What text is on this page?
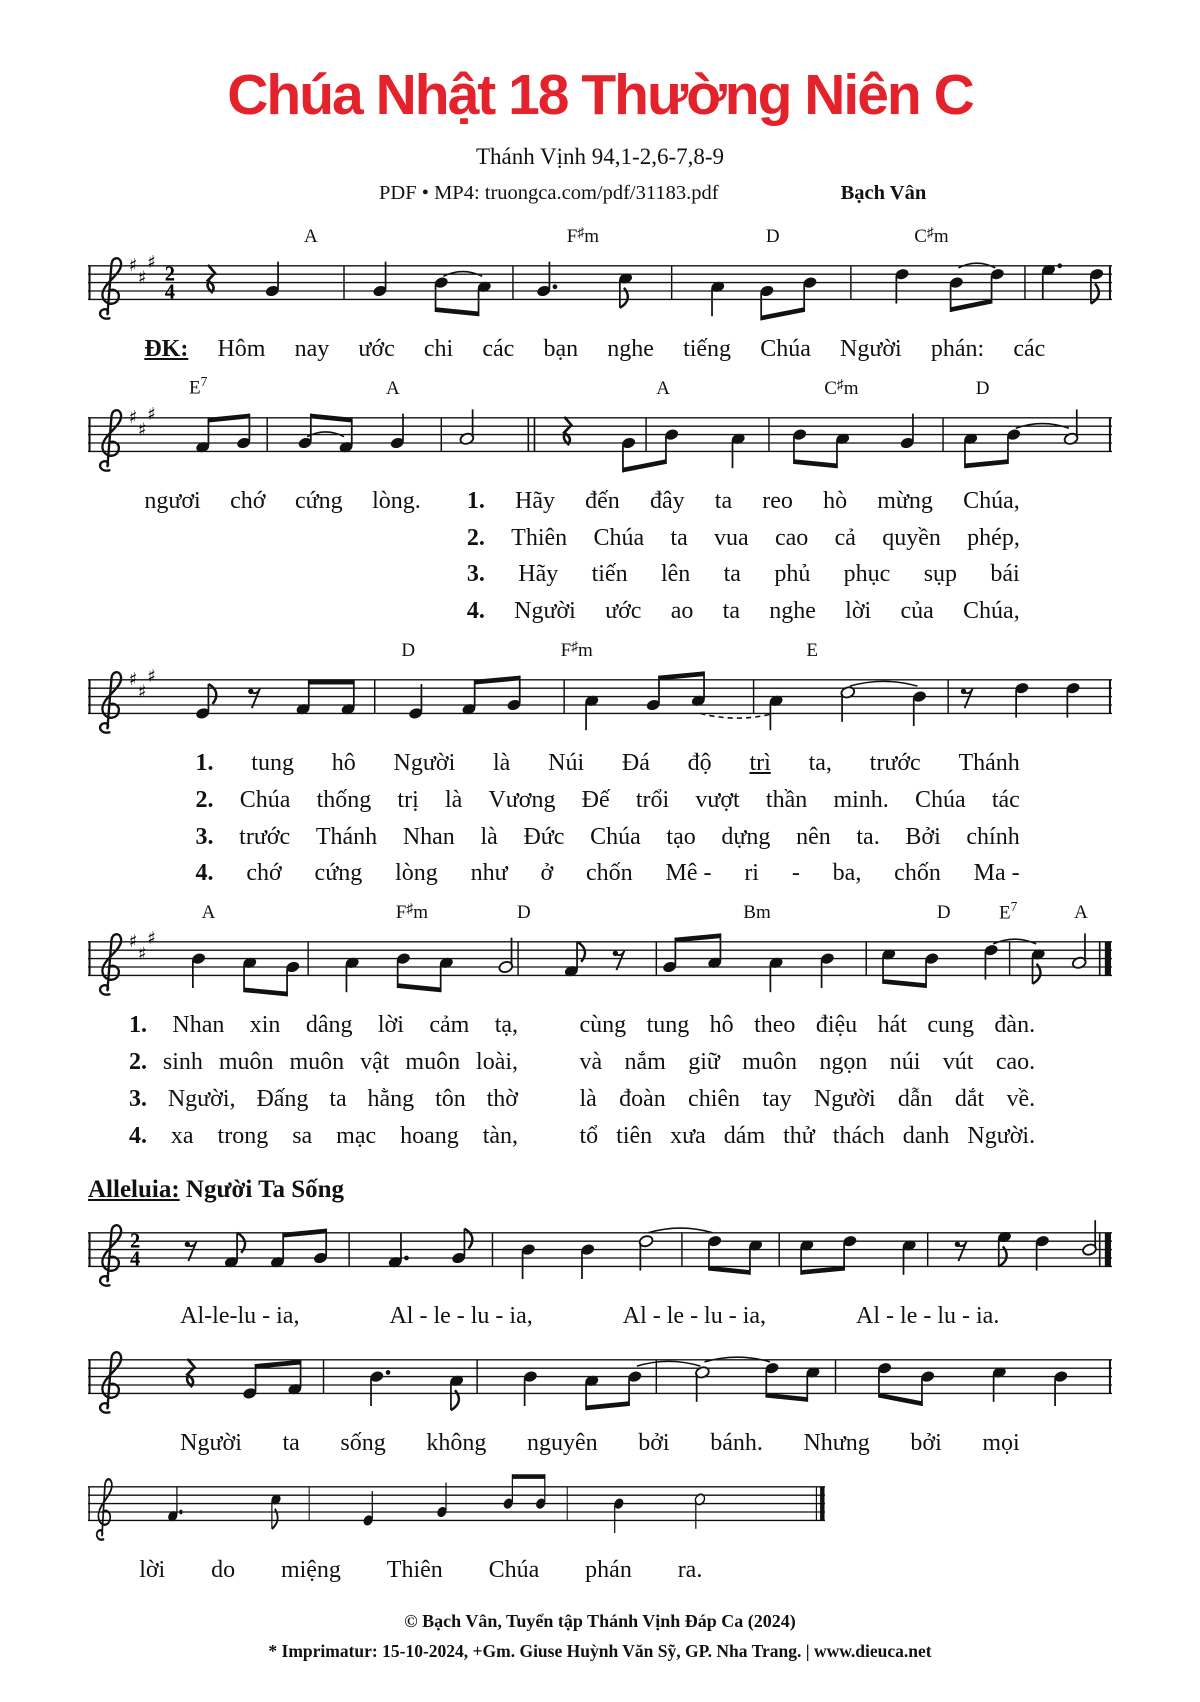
Chúa Nhật 18 Thường Niên C
Thánh Vịnh 94,1-2,6-7,8-9
PDF • MP4: truongca.com/pdf/31183.pdf	Bạch Vân
A	F♯m	D	C♯m
♯
♯
♯
2
4
ĐK: Hôm nay ước chi các bạn nghe tiếng Chúa Người phán: các
$E^7$	A	A	C♯m	D
♯
♯
♯
ngươi chớ cứng lòng. 1. Hãy đến đây ta reo hò mừng Chúa,
2. Thiên Chúa ta vua cao cả quyền phép,
3. Hãy tiến lên ta phủ phục sụp bái
4. Người ước ao ta nghe lời của Chúa,
D	F♯m	E
♯
♯
♯
1. tung hô Người là Núi Đá độ trì ta, trước Thánh
2. Chúa thống trị là Vương Đế trổi vượt thần minh. Chúa tác
3. trước Thánh Nhan là Đức Chúa tạo dựng nên ta. Bởi chính
4. chớ cứng lòng như ở chốn Mê - ri - ba, chốn Ma -
A	F♯m	D	Bm	D	$E^7$	A
♯
♯
♯
1. Nhan xin dâng lời cảm tạ,	cùng tung hô theo điệu hát cung đàn.
2. sinh muôn muôn vật muôn loài,	và nắm giữ muôn ngọn núi vút cao.
3. Người, Đấng ta hằng tôn thờ	là đoàn chiên tay Người dẫn dắt về.
4. xa trong sa mạc hoang tàn,	tổ tiên xưa dám thử thách danh Người.
Alleluia: Người Ta Sống
2
4
Al-le-lu - ia,	Al - le - lu - ia,	Al - le - lu - ia,	Al - le - lu - ia.
Người ta sống không nguyên bởi bánh. Nhưng bởi mọi
lời do miệng Thiên Chúa phán ra.
© Bạch Vân, Tuyển tập Thánh Vịnh Đáp Ca (2024)
* Imprimatur: 15-10-2024, +Gm. Giuse Huỳnh Văn Sỹ, GP. Nha Trang. | www.dieuca.net
